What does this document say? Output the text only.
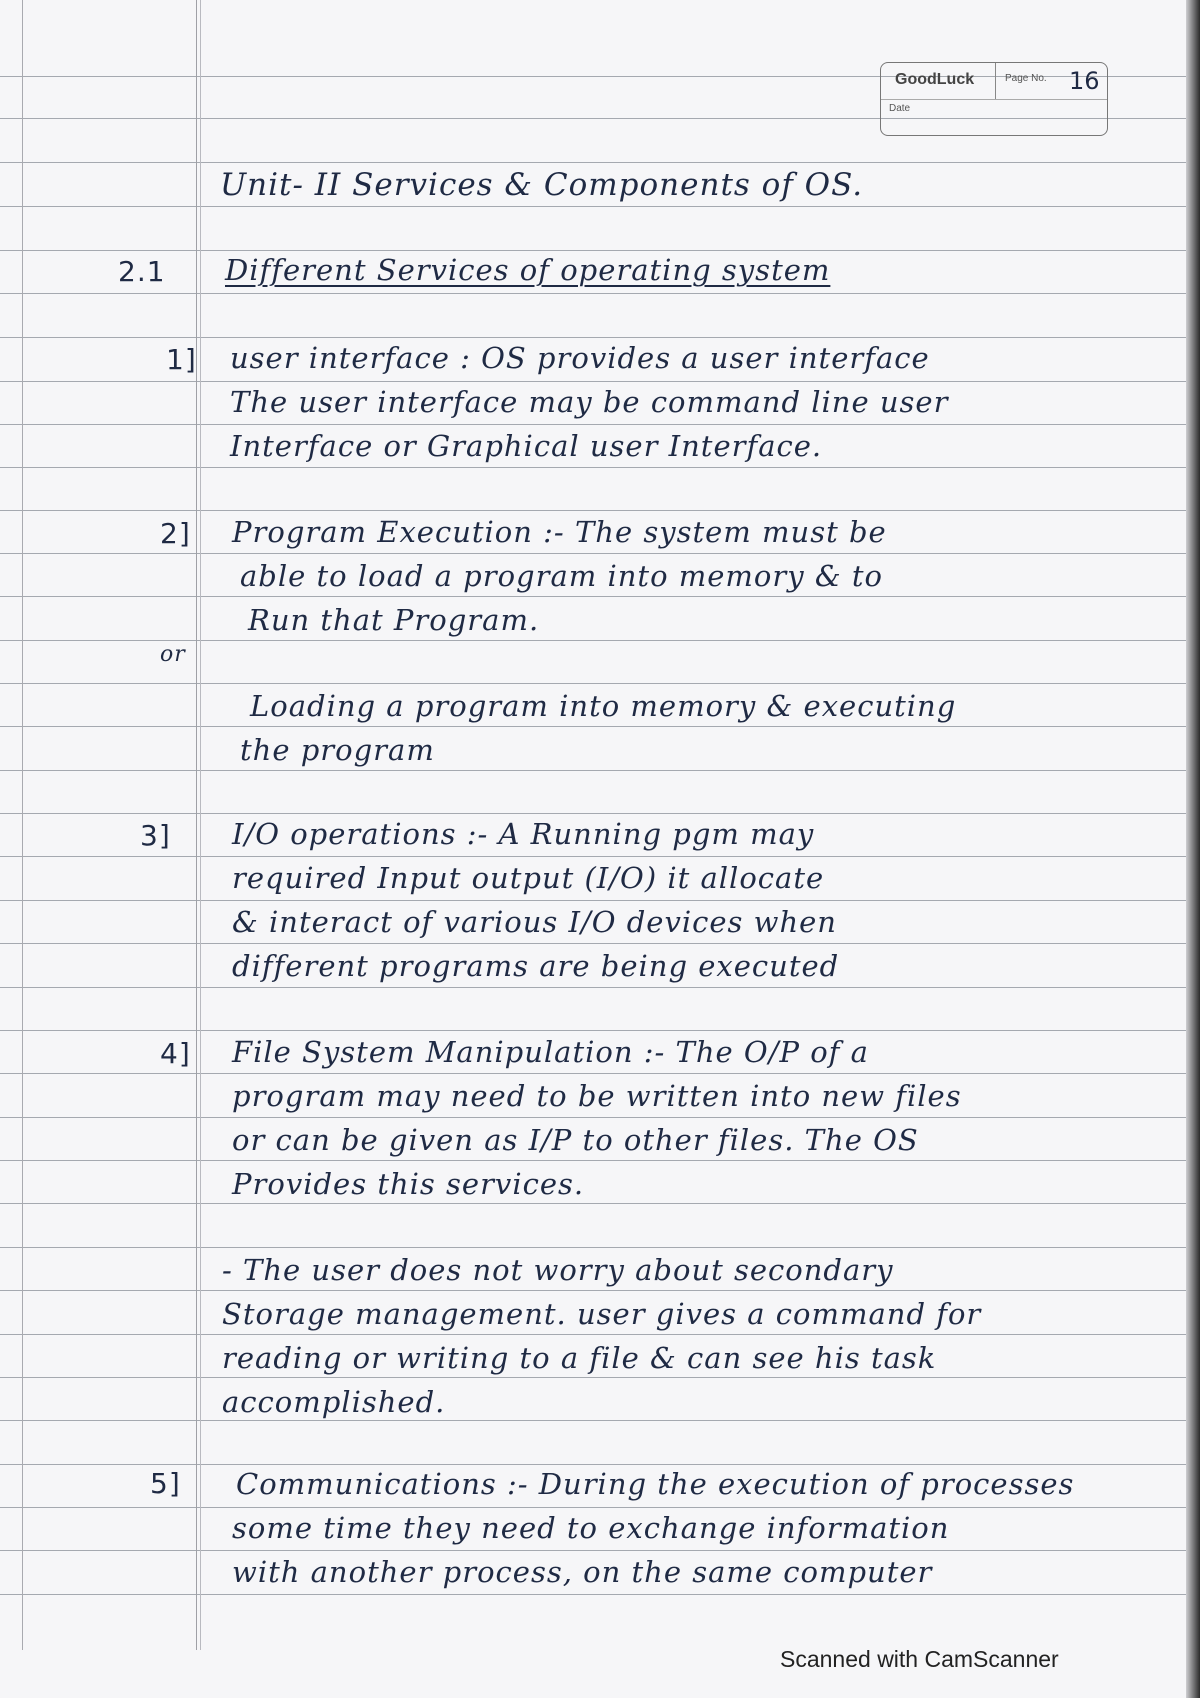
GoodLuck	Page No. 16
Date
Unit- II Services & Components of OS.
2.1 Different Services of operating system
1] user interface : OS provides a user interface
The user interface may be command line user
Interface or Graphical user Interface.
2] Program Execution :- The system must be
able to load a program into memory & to
Run that Program.
or
Loading a program into memory & executing
the program
3] I/O operations :- A Running pgm may
required Input output (I/O) it allocate
& interact of various I/O devices when
different programs are being executed
4] File System Manipulation :- The O/P of a
program may need to be written into new files
or can be given as I/P to other files. The OS
Provides this services.
- The user does not worry about secondary
Storage management. user gives a command for
reading or writing to a file & can see his task
accomplished.
5] Communications :- During the execution of processes
some time they need to exchange information
with another process, on the same computer
Scanned with CamScanner
